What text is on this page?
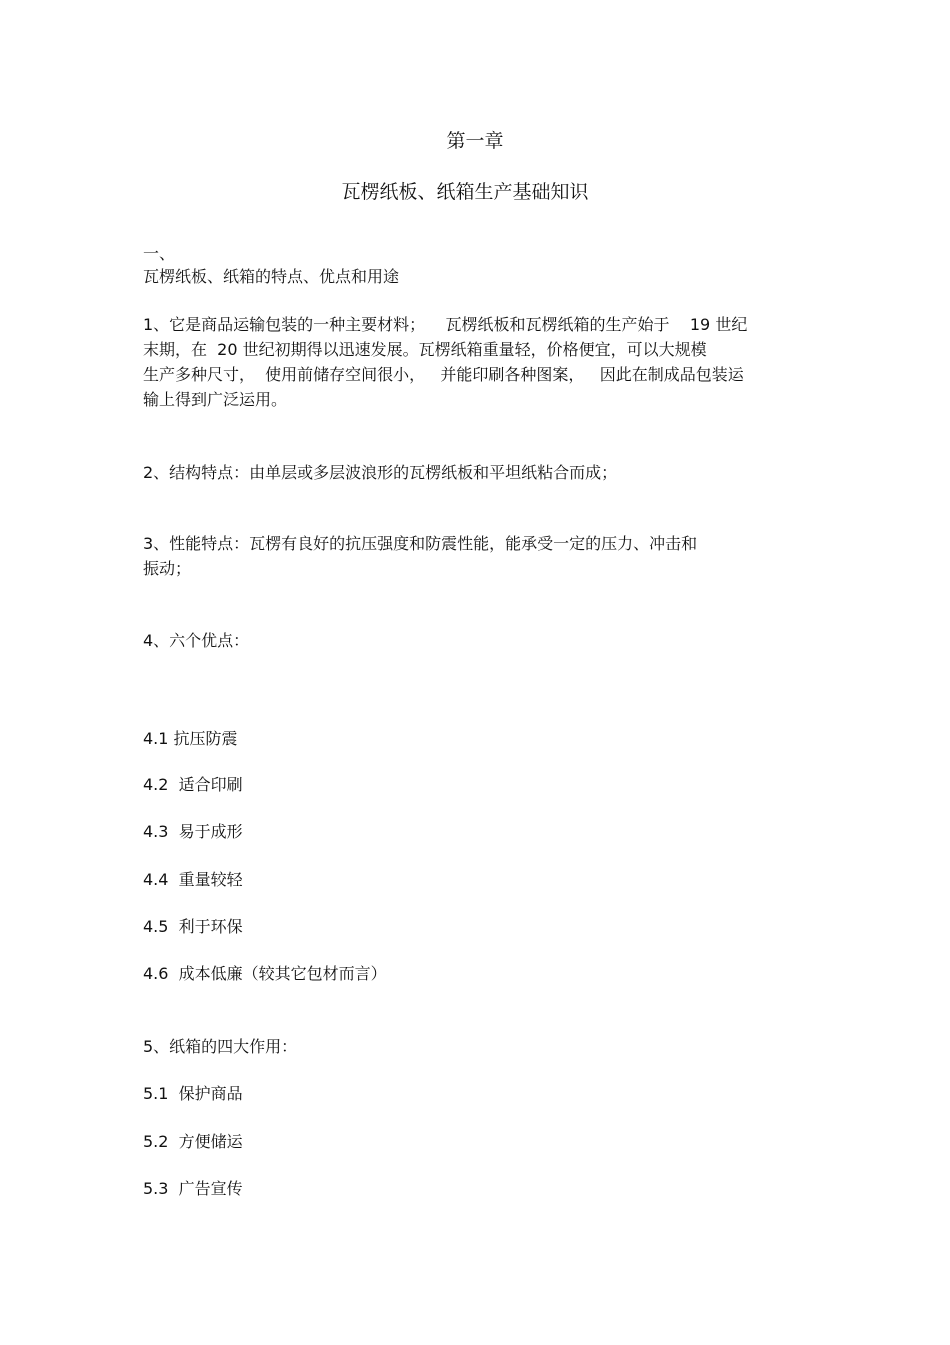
第一章
瓦楞纸板、纸箱生产基础知识
一、
瓦楞纸板、纸箱的特点、优点和用途
1、它是商品运输包装的一种主要材料；    瓦楞纸板和瓦楞纸箱的生产始于    19 世纪
末期，在  20 世纪初期得以迅速发展。瓦楞纸箱重量轻，价格便宜，可以大规模
生产多种尺寸，  使用前储存空间很小，   并能印刷各种图案，   因此在制成品包装运
输上得到广泛运用。
2、结构特点：由单层或多层波浪形的瓦楞纸板和平坦纸粘合而成；
3、性能特点：瓦楞有良好的抗压强度和防震性能，能承受一定的压力、冲击和
振动；
4、六个优点：
4.1 抗压防震
4.2  适合印刷
4.3  易于成形
4.4  重量较轻
4.5  利于环保
4.6  成本低廉（较其它包材而言）
5、纸箱的四大作用：
5.1  保护商品
5.2  方便储运
5.3  广告宣传
